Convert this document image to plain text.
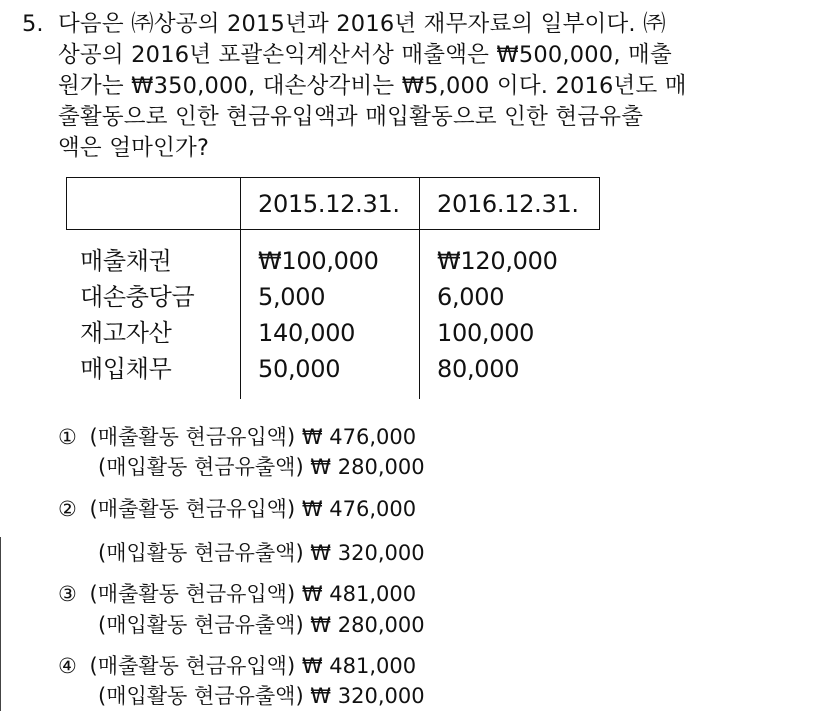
5. 다음은 ㈜상공의 2015년과 2016년 재무자료의 일부이다. ㈜
상공의 2016년 포괄손익계산서상 매출액은 ₩500,000, 매출
원가는 ₩350,000, 대손상각비는 ₩5,000 이다. 2016년도 매
출활동으로 인한 현금유입액과 매입활동으로 인한 현금유출
액은 얼마인가?
2015.12.31. 2016.12.31.
매출채권	₩100,000 ₩120,000
대손충당금	5,000	6,000
재고자산	140,000	100,000
매입채무	50,000	80,000
① (매출활동 현금유입액) ₩ 476,000
(매입활동 현금유출액) ₩ 280,000
② (매출활동 현금유입액) ₩ 476,000
(매입활동 현금유출액) ₩ 320,000
③ (매출활동 현금유입액) ₩ 481,000
(매입활동 현금유출액) ₩ 280,000
④ (매출활동 현금유입액) ₩ 481,000
(매입활동 현금유출액) ₩ 320,000
